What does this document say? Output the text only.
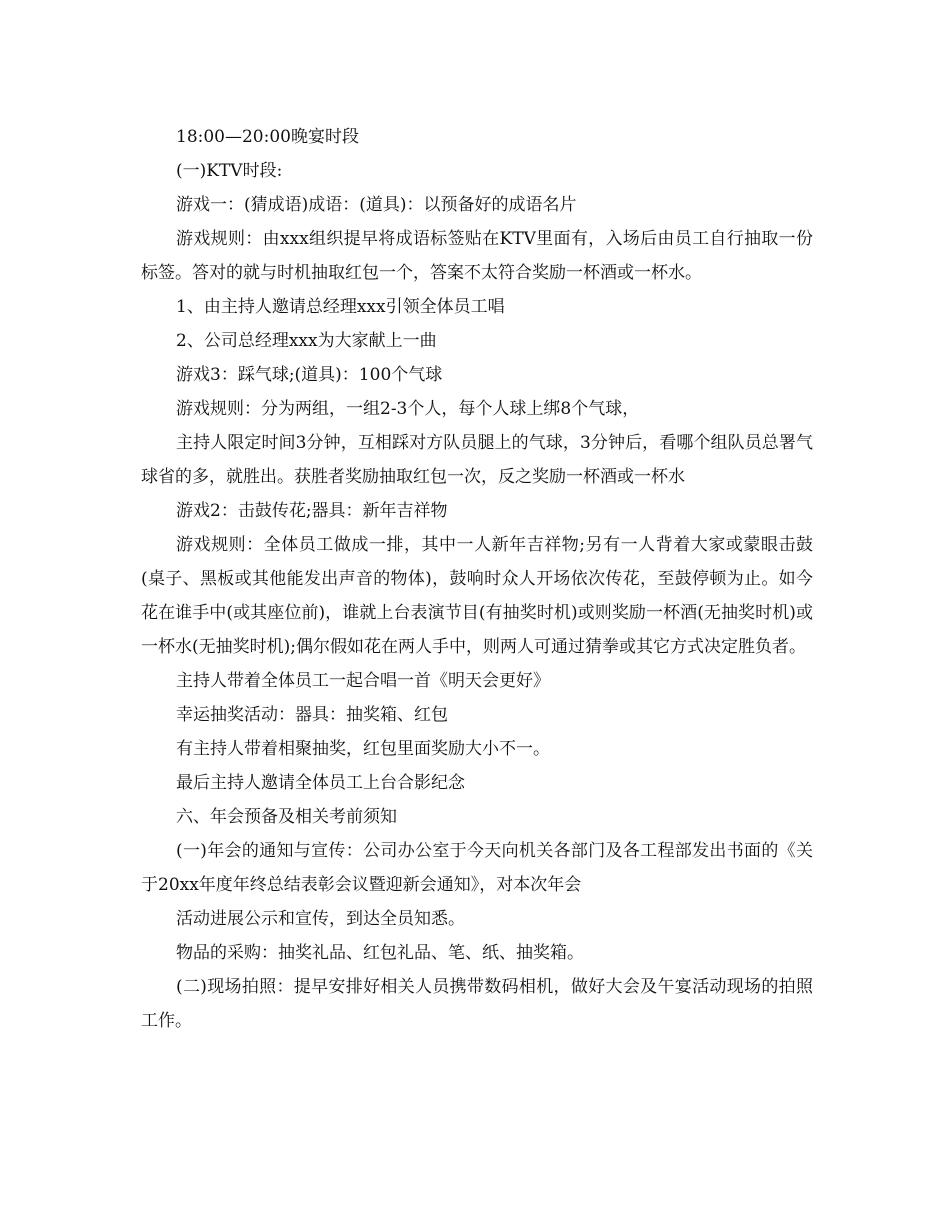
18:00—20:00晚宴时段

(一)KTV时段:

游戏一：(猜成语)成语：(道具)：以预备好的成语名片

游戏规则：由xxx组织提早将成语标签贴在KTV里面有，入场后由员工自行抽取一份标签。答对的就与时机抽取红包一个，答案不太符合奖励一杯酒或一杯水。

1、由主持人邀请总经理xxx引领全体员工唱

2、公司总经理xxx为大家献上一曲

游戏3：踩气球;(道具)：100个气球

游戏规则：分为两组，一组2-3个人，每个人球上绑8个气球，

主持人限定时间3分钟，互相踩对方队员腿上的气球，3分钟后，看哪个组队员总署气球省的多，就胜出。获胜者奖励抽取红包一次，反之奖励一杯酒或一杯水

游戏2：击鼓传花;器具：新年吉祥物

游戏规则：全体员工做成一排，其中一人新年吉祥物;另有一人背着大家或蒙眼击鼓(桌子、黑板或其他能发出声音的物体)，鼓响时众人开场依次传花，至鼓停顿为止。如今花在谁手中(或其座位前)，谁就上台表演节目(有抽奖时机)或则奖励一杯酒(无抽奖时机)或一杯水(无抽奖时机);偶尔假如花在两人手中，则两人可通过猜拳或其它方式决定胜负者。

主持人带着全体员工一起合唱一首《明天会更好》

幸运抽奖活动：器具：抽奖箱、红包

有主持人带着相聚抽奖，红包里面奖励大小不一。

最后主持人邀请全体员工上台合影纪念

六、年会预备及相关考前须知

(一)年会的通知与宣传：公司办公室于今天向机关各部门及各工程部发出书面的《关于20xx年度年终总结表彰会议暨迎新会通知》，对本次年会

活动进展公示和宣传，到达全员知悉。

物品的采购：抽奖礼品、红包礼品、笔、纸、抽奖箱。

(二)现场拍照：提早安排好相关人员携带数码相机，做好大会及午宴活动现场的拍照工作。
